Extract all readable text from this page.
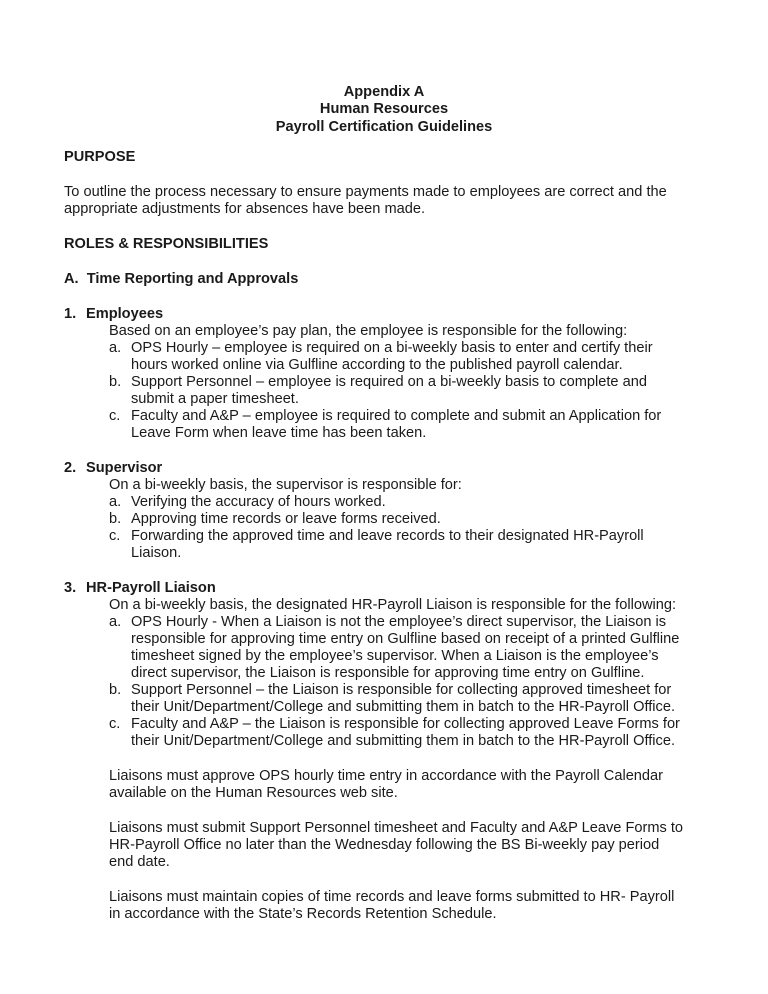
Appendix A
Human Resources
Payroll Certification Guidelines
PURPOSE
To outline the process necessary to ensure payments made to employees are correct and the
appropriate adjustments for absences have been made.
ROLES & RESPONSIBILITIES
A.  Time Reporting and Approvals
1. Employees
Based on an employee’s pay plan, the employee is responsible for the following:
a. OPS Hourly – employee is required on a bi-weekly basis to enter and certify their
hours worked online via Gulfline according to the published payroll calendar.
b. Support Personnel – employee is required on a bi-weekly basis to complete and
submit a paper timesheet.
c. Faculty and A&P – employee is required to complete and submit an Application for
Leave Form when leave time has been taken.
2. Supervisor
On a bi-weekly basis, the supervisor is responsible for:
a. Verifying the accuracy of hours worked.
b. Approving time records or leave forms received.
c. Forwarding the approved time and leave records to their designated HR-Payroll
Liaison.
3. HR-Payroll Liaison
On a bi-weekly basis, the designated HR-Payroll Liaison is responsible for the following:
a. OPS Hourly - When a Liaison is not the employee’s direct supervisor, the Liaison is
responsible for approving time entry on Gulfline based on receipt of a printed Gulfline
timesheet signed by the employee’s supervisor. When a Liaison is the employee’s
direct supervisor, the Liaison is responsible for approving time entry on Gulfline.
b. Support Personnel – the Liaison is responsible for collecting approved timesheet for
their Unit/Department/College and submitting them in batch to the HR-Payroll Office.
c. Faculty and A&P – the Liaison is responsible for collecting approved Leave Forms for
their Unit/Department/College and submitting them in batch to the HR-Payroll Office.
Liaisons must approve OPS hourly time entry in accordance with the Payroll Calendar
available on the Human Resources web site.
Liaisons must submit Support Personnel timesheet and Faculty and A&P Leave Forms to
HR-Payroll Office no later than the Wednesday following the BS Bi-weekly pay period
end date.
Liaisons must maintain copies of time records and leave forms submitted to HR- Payroll
in accordance with the State’s Records Retention Schedule.
